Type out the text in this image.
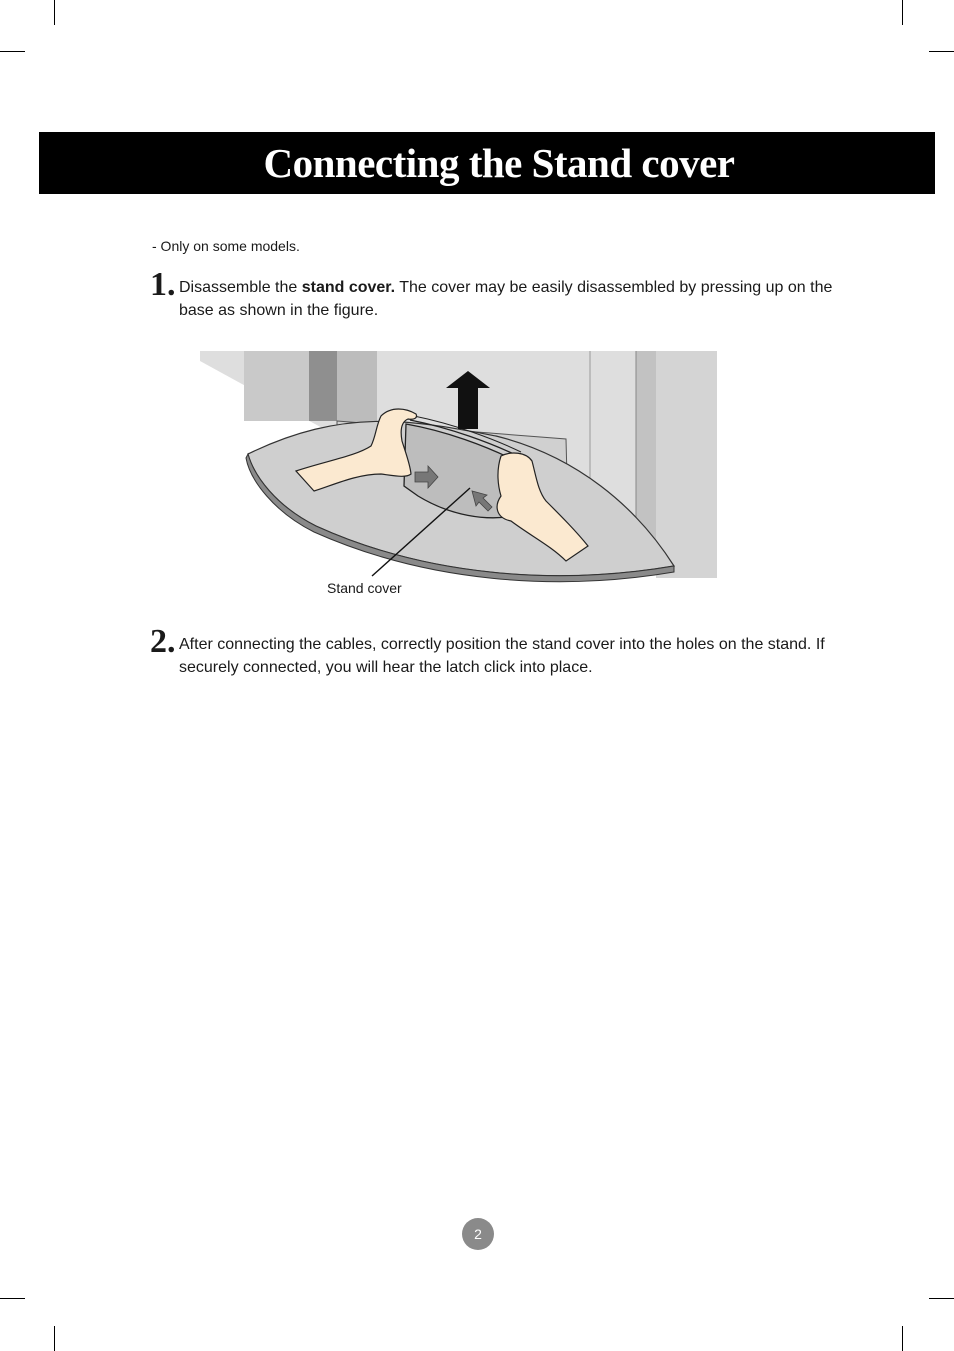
Connecting the Stand cover
- Only on some models.
1. Disassemble the stand cover. The cover may be easily disassembled by pressing up on the base as shown in the figure.
Stand cover
2. After connecting the cables, correctly position the stand cover into the holes on the stand. If securely connected, you will hear the latch click into place.
2
